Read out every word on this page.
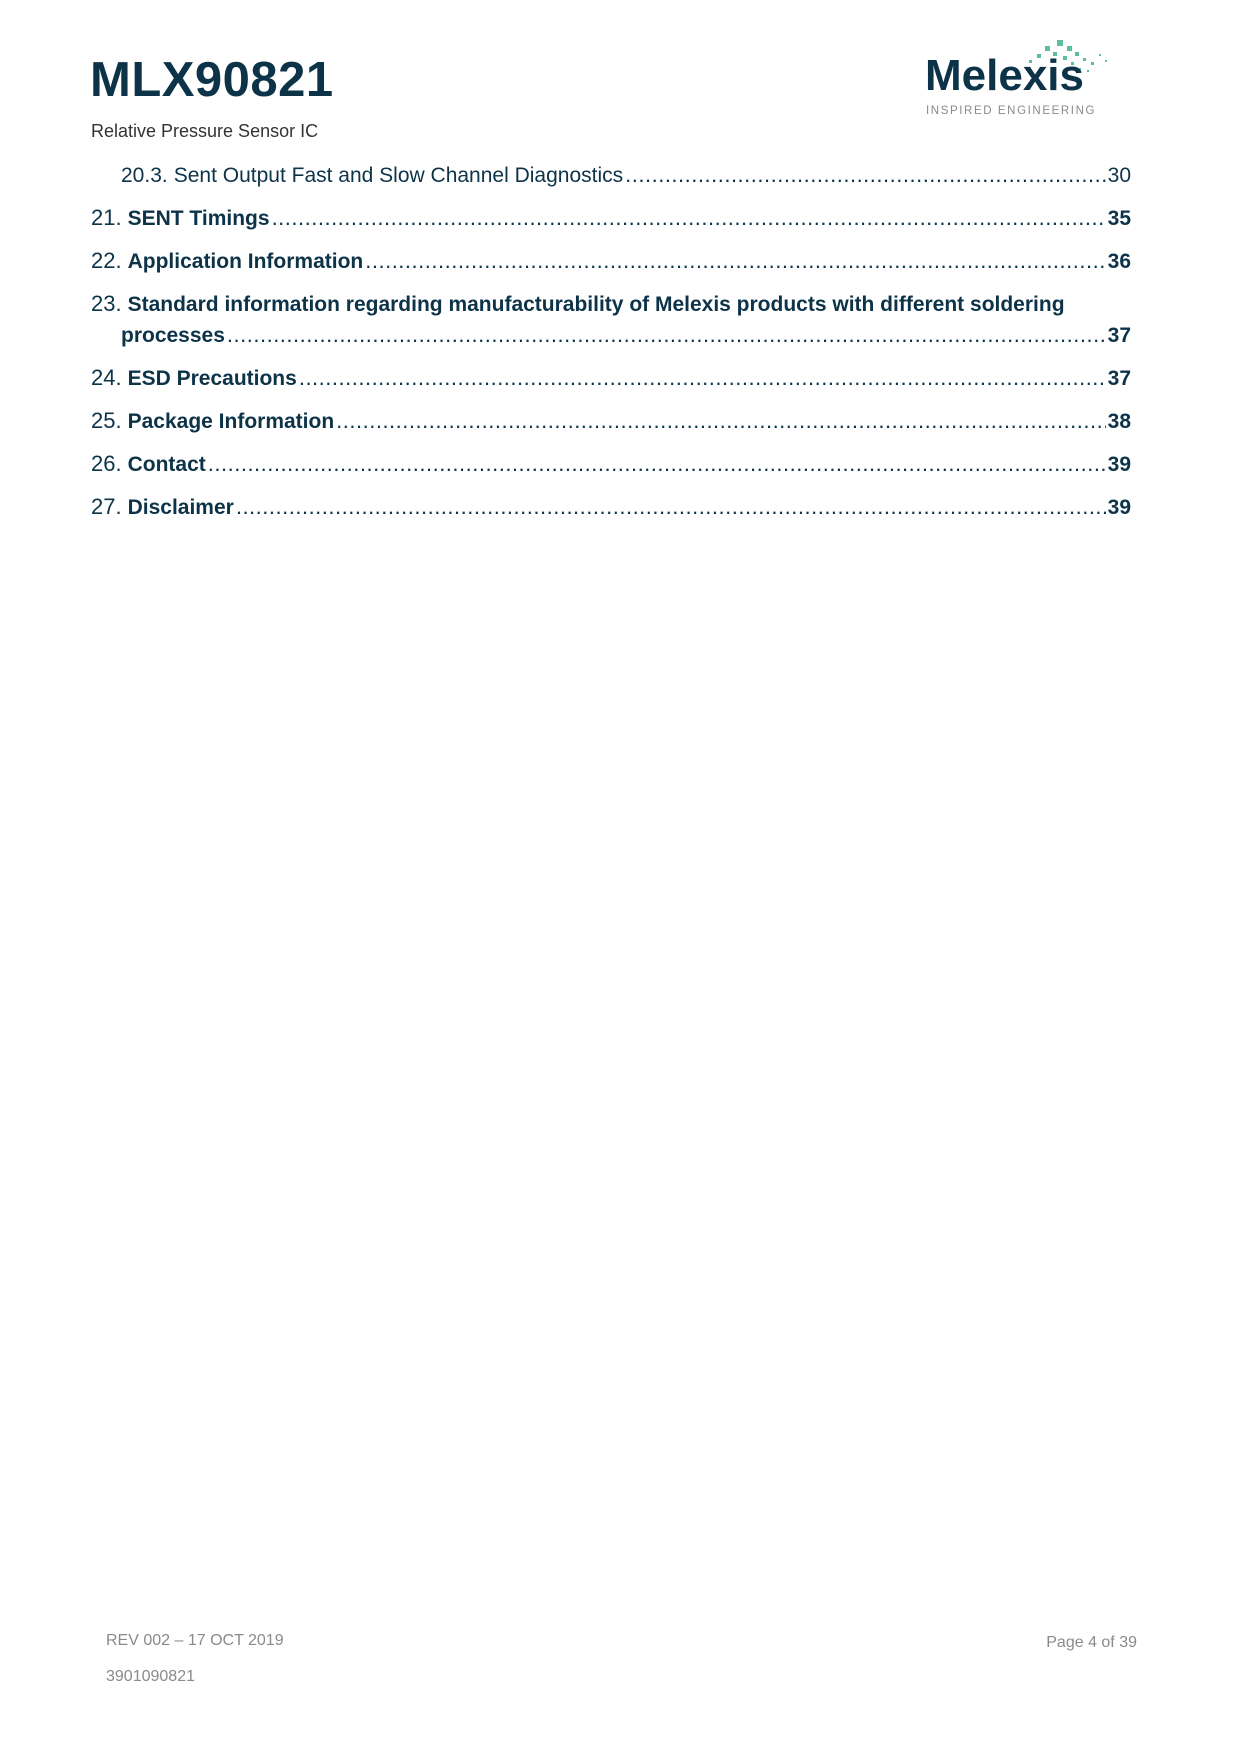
MLX90821
Relative Pressure Sensor IC
Melexis
INSPIRED ENGINEERING
20.3. Sent Output Fast and Slow Channel Diagnostics .....	30
21. SENT Timings .....	35
22. Application Information .....	36
23. Standard information regarding manufacturability of Melexis products with different soldering
processes .....	37
24. ESD Precautions .....	37
25. Package Information .....	38
26. Contact .....	39
27. Disclaimer .....	39
REV 002 – 17 OCT 2019
3901090821
Page 4 of 39
